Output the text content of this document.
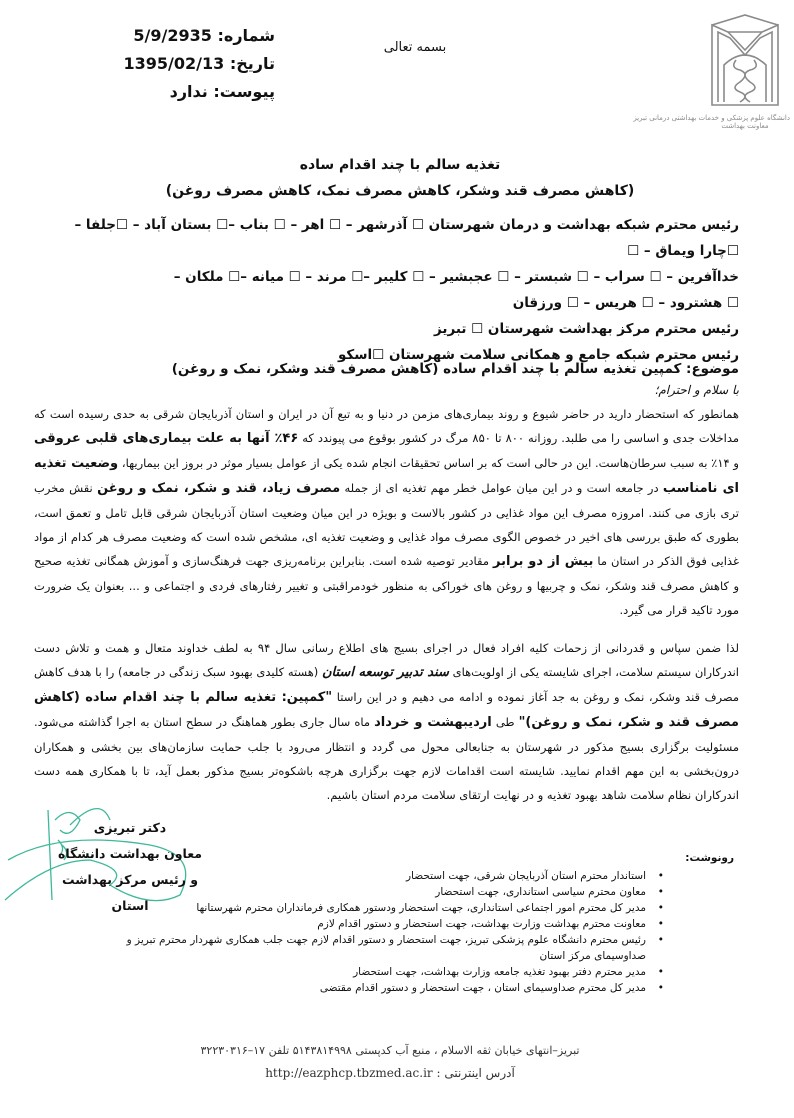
دانشگاه علوم پزشکی و خدمات بهداشتی درمانی تبریز
معاونت بهداشت
شماره: 5/9/2935
تاریخ: 1395/02/13
پیوست: ندارد
بسمه تعالی
تغذیه سالم با چند اقدام ساده
(کاهش مصرف قند وشکر، کاهش مصرف نمک، کاهش مصرف روغن)
رئیس محترم شبکه بهداشت و درمان شهرستان ☐ آذرشهر – ☐ اهر – ☐ بناب –☐ بستان آباد – ☐جلفا –☐چارا ویماق – ☐
خداآفرین – ☐ سراب – ☐ شبستر – ☐ عجبشیر – ☐ کلیبر –☐ مرند – ☐ میانه –☐ ملکان –
☐ هشترود – ☐ هریس – ☐ ورزقان
رئیس محترم مرکز بهداشت شهرستان ☐ تبریز
رئیس محترم شبکه جامع و همکانی سلامت شهرستان ☐اسکو
موضوع: کمپین تغذیه سالم با چند اقدام ساده (کاهش مصرف قند وشکر، نمک و روغن)
با سلام و احترام؛
همانطور که استحضار دارید در حاضر شیوع و روند بیماری‌های مزمن در دنیا و به تبع آن در ایران و استان آذربایجان شرقی به حدی رسیده است که مداخلات جدی و اساسی را می طلبد. روزانه ۸۰۰ تا ۸۵۰ مرگ در کشور بوقوع می پیوندد که ۴۶٪ آنها به علت بیماری‌های قلبی عروقی و ۱۴٪ به سبب سرطان‌هاست. این در حالی است که بر اساس تحقیقات انجام شده یکی از عوامل بسیار موثر در بروز این بیماریها، وضعیت تغذیه ای نامناسب در جامعه است و در این میان عوامل خطر مهم تغذیه ای از جمله مصرف زیاد، قند و شکر، نمک و روغن نقش مخرب تری بازی می کنند. امروزه مصرف این مواد غذایی در کشور بالاست و بویژه در این میان وضعیت استان آذربایجان شرقی قابل تامل و تعمق است، بطوری که طبق بررسی های اخیر در خصوص الگوی مصرف مواد غذایی و وضعیت تغذیه ای، مشخص شده است که وضعیت مصرف هر کدام از مواد غذایی فوق الذکر در استان ما بیش از دو برابر مقادیر توصیه شده است. بنابراین برنامه‌ریزی جهت فرهنگ‌سازی و آموزش همگانی تغذیه صحیح و کاهش مصرف قند وشکر، نمک و چربیها و روغن های خوراکی به منظور خودمراقبتی و تغییر رفتارهای فردی و اجتماعی و ... بعنوان یک ضرورت مورد تاکید قرار می گیرد.
لذا ضمن سپاس و قدردانی از زحمات کلیه افراد فعال در اجرای بسیج های اطلاع رسانی سال ۹۴ به لطف خداوند متعال و همت و تلاش دست اندرکاران سیستم سلامت، اجرای شایسته یکی از اولویت‌های سند تدبیر توسعه استان (هسته کلیدی بهبود سبک زندگی در جامعه) را با هدف کاهش مصرف قند وشکر، نمک و روغن به جد آغاز نموده و ادامه می دهیم و در این راستا "کمپین: تغذیه سالم با چند اقدام ساده (کاهش مصرف قند و شکر، نمک و روغن)" طی اردیبهشت و خرداد ماه سال جاری بطور هماهنگ در سطح استان به اجرا گذاشته می‌شود. مسئولیت برگزاری بسیج مذکور در شهرستان به جنابعالی محول می گردد و انتظار می‌رود با جلب حمایت سازمان‌های بین بخشی و همکاران درون‌بخشی به این مهم اقدام نمایید. شایسته است اقدامات لازم جهت برگزاری هرچه باشکوه‌تر بسیج مذکور بعمل آید، تا با همکاری همه دست اندرکاران نظام سلامت شاهد بهبود تغذیه و در نهایت ارتقای سلامت مردم استان باشیم.
دکتر تبریزی
معاون بهداشت دانشگاه
و رئیس مرکز بهداشت استان
رونوشت:
• استاندار محترم استان آذربایجان شرقی، جهت استحضار
• معاون محترم سیاسی استانداری، جهت استحضار
• مدیر کل محترم امور اجتماعی استانداری، جهت استحضار ودستور همکاری فرمانداران محترم شهرستانها
• معاونت محترم بهداشت وزارت بهداشت، جهت استحضار و دستور اقدام لازم
• رئیس محترم دانشگاه علوم پزشکی تبریز، جهت استحضار و دستور اقدام لازم جهت جلب همکاری شهردار محترم تبریز و صداوسیمای مرکز استان
• مدیر محترم دفتر بهبود تغذیه جامعه وزارت بهداشت، جهت استحضار
• مدیر کل محترم صداوسیمای استان ، جهت استحضار و دستور اقدام مقتضی
تبریز–انتهای خیابان ثقه الاسلام ، منبع آب کدپستی ۵۱۴۳۸۱۴۹۹۸ تلفن ۱۷–۳۲۲۳۰۳۱۶
http://eazphcp.tbzmed.ac.ir آدرس اینترنتی :
